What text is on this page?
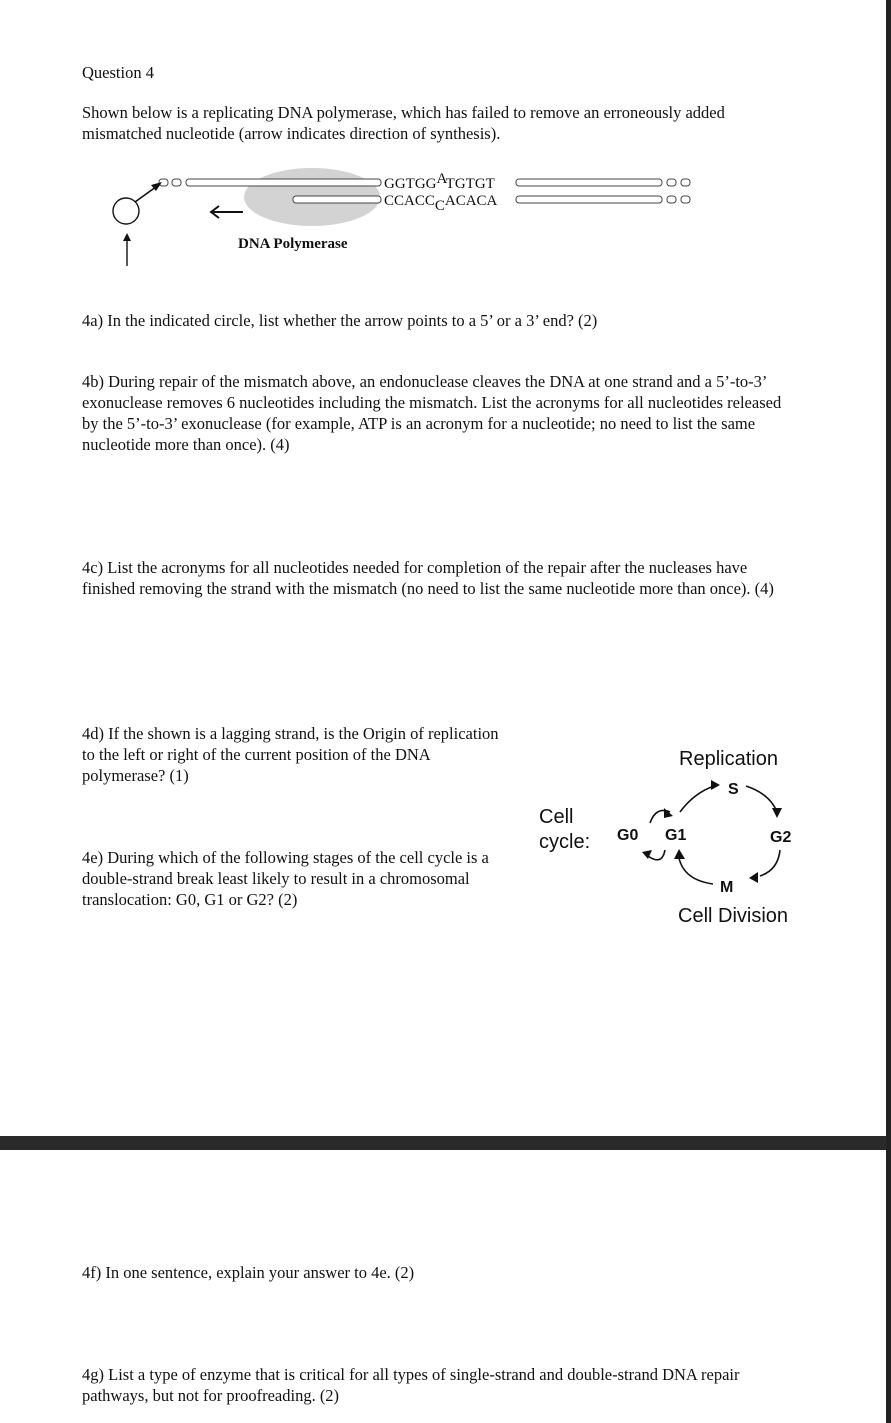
Question 4

Shown below is a replicating DNA polymerase, which has failed to remove an erroneously added mismatched nucleotide (arrow indicates direction of synthesis).

GGTGGATGTGT
CCACCCACACA
DNA Polymerase

4a) In the indicated circle, list whether the arrow points to a 5’ or a 3’ end? (2)

4b) During repair of the mismatch above, an endonuclease cleaves the DNA at one strand and a 5’-to-3’ exonuclease removes 6 nucleotides including the mismatch. List the acronyms for all nucleotides released by the 5’-to-3’ exonuclease (for example, ATP is an acronym for a nucleotide; no need to list the same nucleotide more than once). (4)

4c) List the acronyms for all nucleotides needed for completion of the repair after the nucleases have finished removing the strand with the mismatch (no need to list the same nucleotide more than once). (4)

4d) If the shown is a lagging strand, is the Origin of replication to the left or right of the current position of the DNA polymerase? (1)

4e) During which of the following stages of the cell cycle is a double-strand break least likely to result in a chromosomal translocation: G0, G1 or G2? (2)

Cell
cycle:
Replication
S
G0 G1	G2
M
Cell Division

4f) In one sentence, explain your answer to 4e. (2)

4g) List a type of enzyme that is critical for all types of single-strand and double-strand DNA repair pathways, but not for proofreading. (2)
